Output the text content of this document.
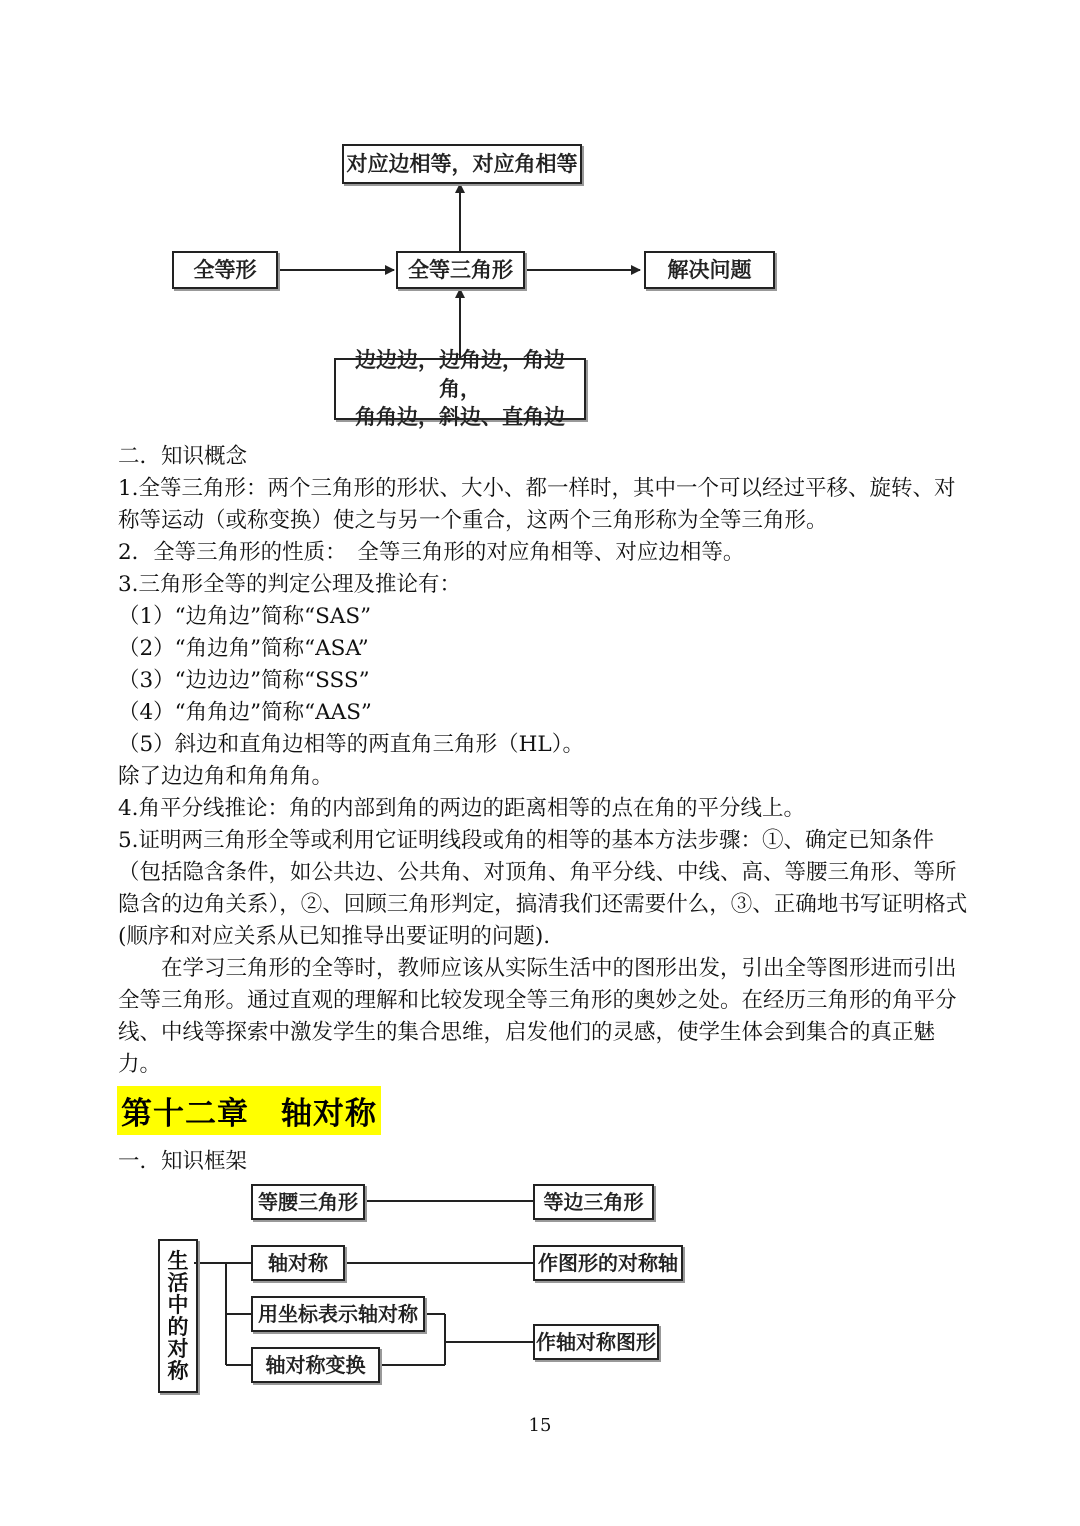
对应边相等，对应角相等
全等形	全等三角形	解决问题
边边边，边角边，角边角，
角角边，斜边、直角边

二．知识概念

1.全等三角形：两个三角形的形状、大小、都一样时，其中一个可以经过平移、旋转、对称等运动（或称变换）使之与另一个重合，这两个三角形称为全等三角形。

2．全等三角形的性质：　全等三角形的对应角相等、对应边相等。

3.三角形全等的判定公理及推论有：

（1）“边角边”简称“SAS”

（2）“角边角”简称“ASA”

（3）“边边边”简称“SSS”

（4）“角角边”简称“AAS”

（5）斜边和直角边相等的两直角三角形（HL）。

除了边边角和角角角。

4.角平分线推论：角的内部到角的两边的距离相等的点在角的平分线上。

5.证明两三角形全等或利用它证明线段或角的相等的基本方法步骤：①、确定已知条件（包括隐含条件，如公共边、公共角、对顶角、角平分线、中线、高、等腰三角形、等所隐含的边角关系），②、回顾三角形判定，搞清我们还需要什么，③、正确地书写证明格式(顺序和对应关系从已知推导出要证明的问题).

在学习三角形的全等时，教师应该从实际生活中的图形出发，引出全等图形进而引出全等三角形。通过直观的理解和比较发现全等三角形的奥妙之处。在经历三角形的角平分线、中线等探索中激发学生的集合思维，启发他们的灵感，使学生体会到集合的真正魅力。

第十二章　轴对称
一．知识框架
生
活
中
的
对
称
等腰三角形
轴对称
用坐标表示轴对称
轴对称变换
等边三角形
作图形的对称轴
作轴对称图形
15
